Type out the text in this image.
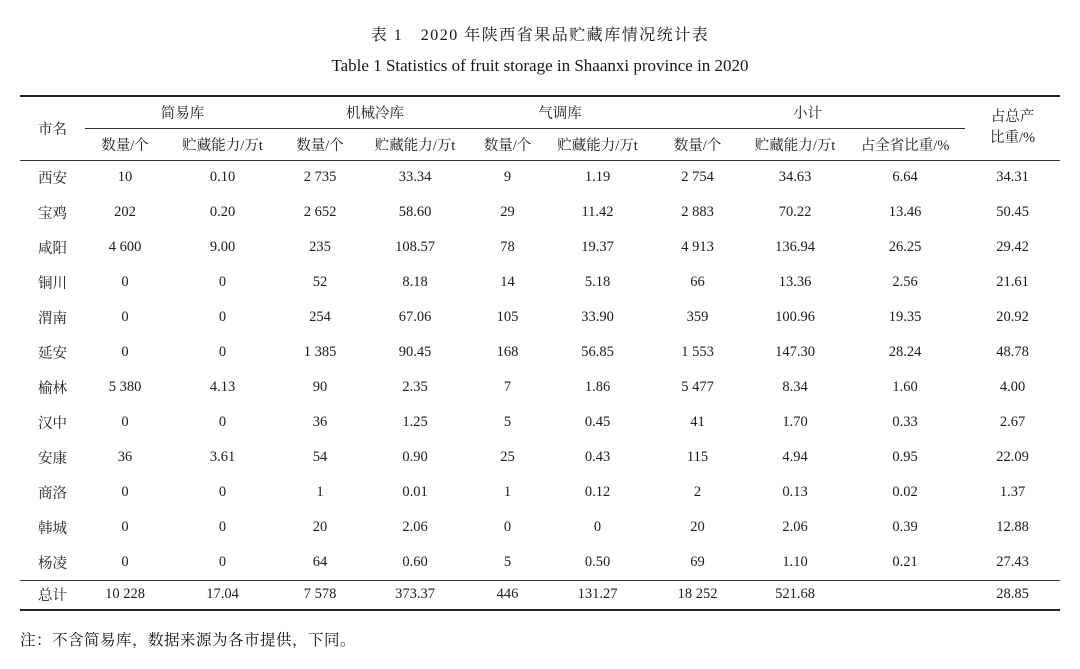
表 1　2020 年陕西省果品贮藏库情况统计表
Table 1 Statistics of fruit storage in Shaanxi province in 2020
市名	简易库		机械冷库		气调库		小计			占总产
比重/%
	数量/个	贮藏能力/万t	数量/个	贮藏能力/万t	数量/个	贮藏能力/万t	数量/个	贮藏能力/万t	占全省比重/%	
西安	10	0.10	2 735	33.34	9	1.19	2 754	34.63	6.64	34.31
宝鸡	202	0.20	2 652	58.60	29	11.42	2 883	70.22	13.46	50.45
咸阳	4 600	9.00	235	108.57	78	19.37	4 913	136.94	26.25	29.42
铜川	0	0	52	8.18	14	5.18	66	13.36	2.56	21.61
渭南	0	0	254	67.06	105	33.90	359	100.96	19.35	20.92
延安	0	0	1 385	90.45	168	56.85	1 553	147.30	28.24	48.78
榆林	5 380	4.13	90	2.35	7	1.86	5 477	8.34	1.60	4.00
汉中	0	0	36	1.25	5	0.45	41	1.70	0.33	2.67
安康	36	3.61	54	0.90	25	0.43	115	4.94	0.95	22.09
商洛	0	0	1	0.01	1	0.12	2	0.13	0.02	1.37
韩城	0	0	20	2.06	0	0	20	2.06	0.39	12.88
杨凌	0	0	64	0.60	5	0.50	69	1.10	0.21	27.43
总计	10 228	17.04	7 578	373.37	446	131.27	18 252	521.68		28.85
注：不含简易库，数据来源为各市提供，下同。
